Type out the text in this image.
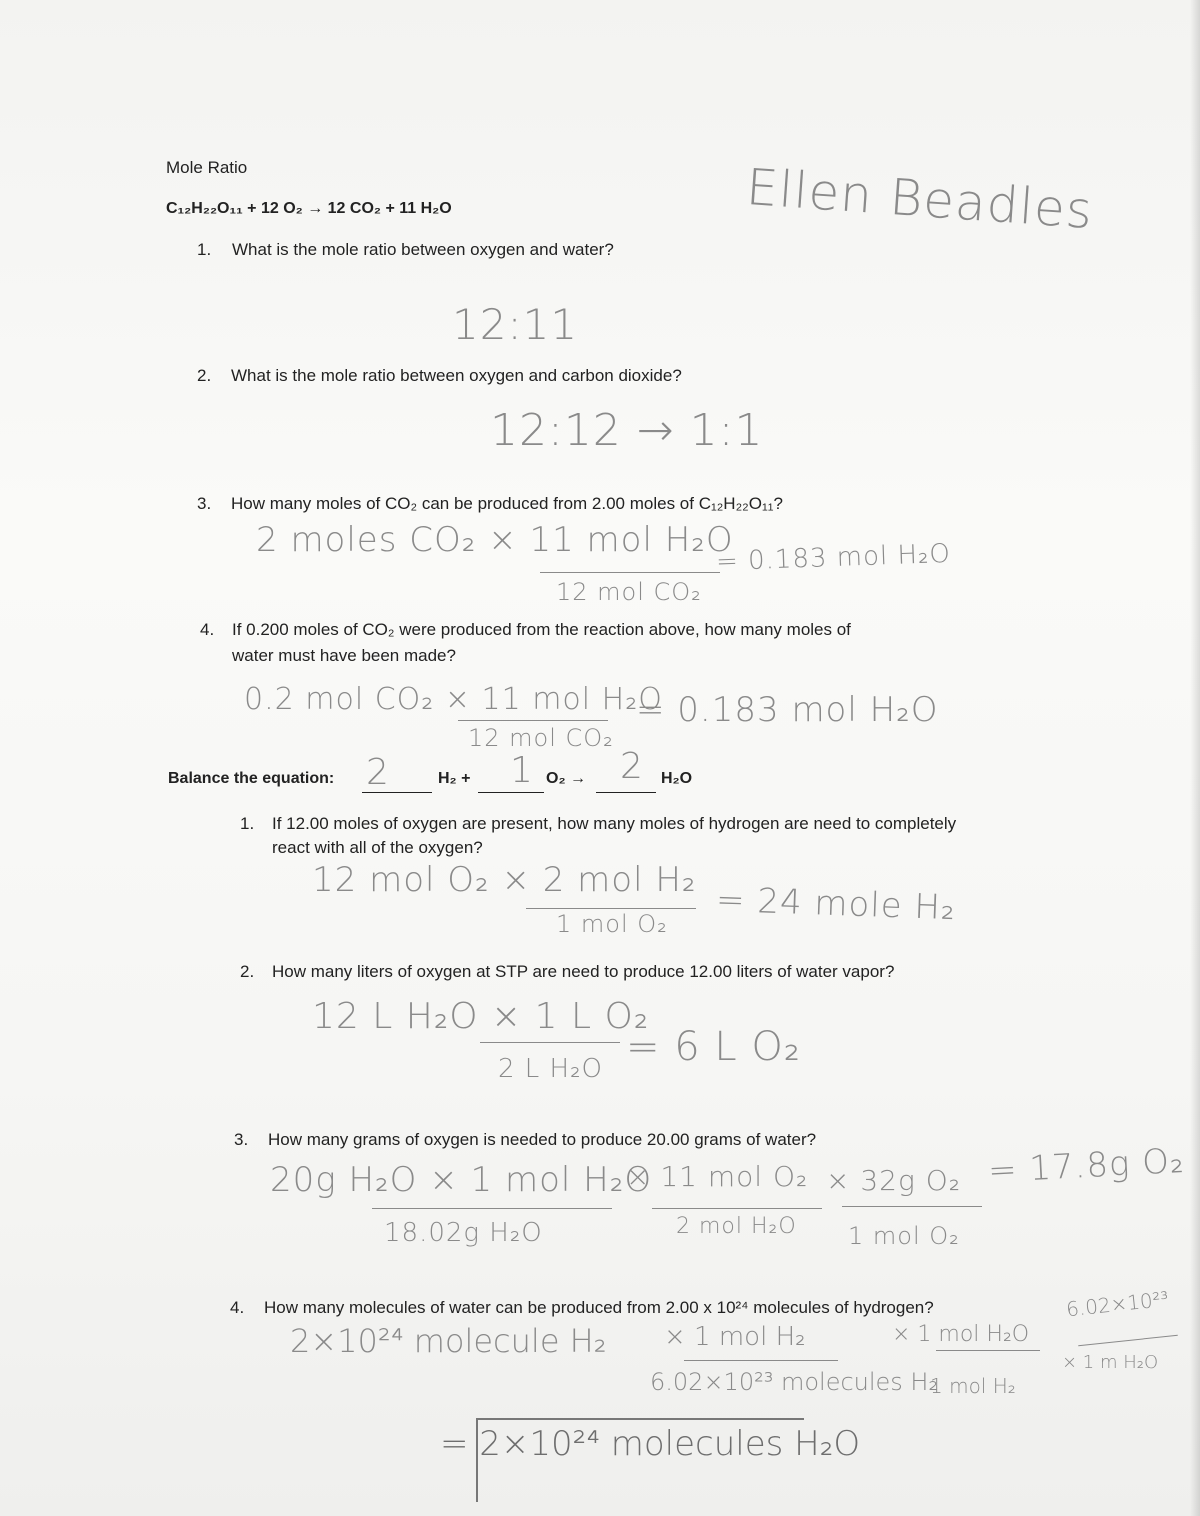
Mole Ratio
C₁₂H₂₂O₁₁ + 12 O₂ → 12 CO₂ + 11 H₂O	Ellen Beadles
1. What is the mole ratio between oxygen and water?
12:11
2. What is the mole ratio between oxygen and carbon dioxide?
12:12 → 1:1
3. How many moles of CO₂ can be produced from 2.00 moles of C₁₂H₂₂O₁₁?
2 moles CO₂ × 11 mol H₂O
12 mol CO₂
= 0.183 mol H₂O
4. If 0.200 moles of CO₂ were produced from the reaction above, how many moles of
water must have been made?
0.2 mol CO₂ × 11 mol H₂O
12 mol CO₂
= 0.183 mol H₂O
Balance the equation: 2	H₂ + 1 O₂ → 2 H₂O
1. If 12.00 moles of oxygen are present, how many moles of hydrogen are need to completely
react with all of the oxygen?
12 mol O₂ × 2 mol H₂
1 mol O₂ = 24 mole H₂
2. How many liters of oxygen at STP are need to produce 12.00 liters of water vapor?
12 L H₂O × 1 L O₂
2 L H₂O = 6 L O₂
3. How many grams of oxygen is needed to produce 20.00 grams of water?
20g H₂O × 1 mol H₂O
18.02g H₂O
× 11 mol O₂
2 mol H₂O
× 32g O₂
1 mol O₂
= 17.8g O₂
4. How many molecules of water can be produced from 2.00 x 10²⁴ molecules of hydrogen?
2×10²⁴ molecule H₂ × 1 mol H₂
6.02×10²³ molecules H₂
× 1 mol H₂O
1 mol H₂
6.02×10²³
× 1 m H₂O
= 2×10²⁴ molecules H₂O
